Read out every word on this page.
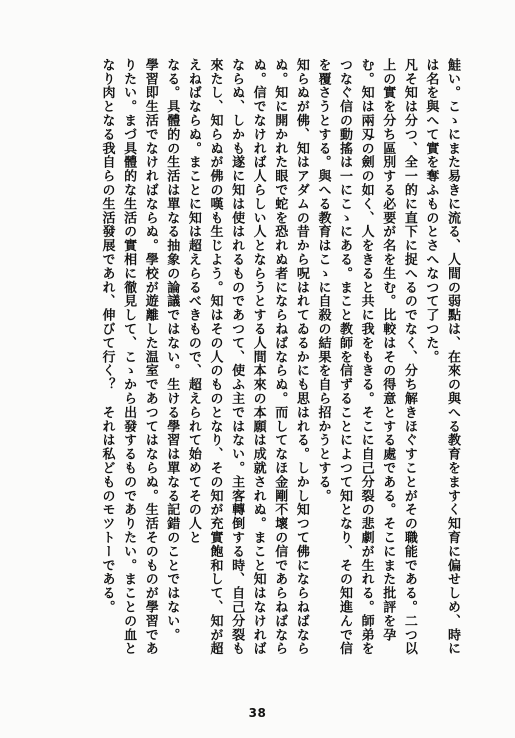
鮭い。こゝにまた易きに流る、人間の弱點は、在來の與へる教育をますく知育に偏せしめ、時には名を與へて實を奪ふものとさへなつて了つた。

凡そ知は分つ、全一的に直下に捉へるのでなく、分ち解きほぐすことがその職能である。二つ以上の實を分ち區別する必要が名を生む。比較はその得意とする處である。そこにまた批評を孕む。知は兩刄の劍の如く、人をきると共に我をもきる。そこに自己分裂の悲劇が生れる。師弟をつなぐ信の動搖は一にこゝにある。まこと教師を信ずることによつて知となり、その知進んで信を覆さうとする。與へる教育はこゝに自殺の結果を自ら招かうとする。

知らぬが佛、知はアダムの昔から呪はれてゐるかにも思はれる。しかし知つて佛にならねばならぬ。知に開かれた眼で蛇を恐れぬ者にならねばならぬ。而してなほ金剛不壞の信であらねばならぬ。信でなければ人らしい人とならうとする人間本來の本願は成就されぬ。まこと知はなければならぬ、しかも遂に知は使はれるものであつて、使ふ主ではない。主客轉倒する時、自己分裂も來たし、知らぬが佛の嘆も生じよう。知はその人のものとなり、その知が充實飽和して、知が超えねばならぬ。まことに知は超えらるべきもので、超えられて始めてその人と

なる。具體的の生活は單なる抽象の論議ではない。生ける學習は單なる記錯のことではない。

學習即生活でなければならぬ。學校が遊離した温室であつてはならぬ。生活そのものが學習でありたい。まづ具體的な生活の實相に徹見して、こゝから出發するものでありたい。まことの血となり肉となる我自らの生活發展であれ、伸びて行く？　それは私どものモツトーである。

38
